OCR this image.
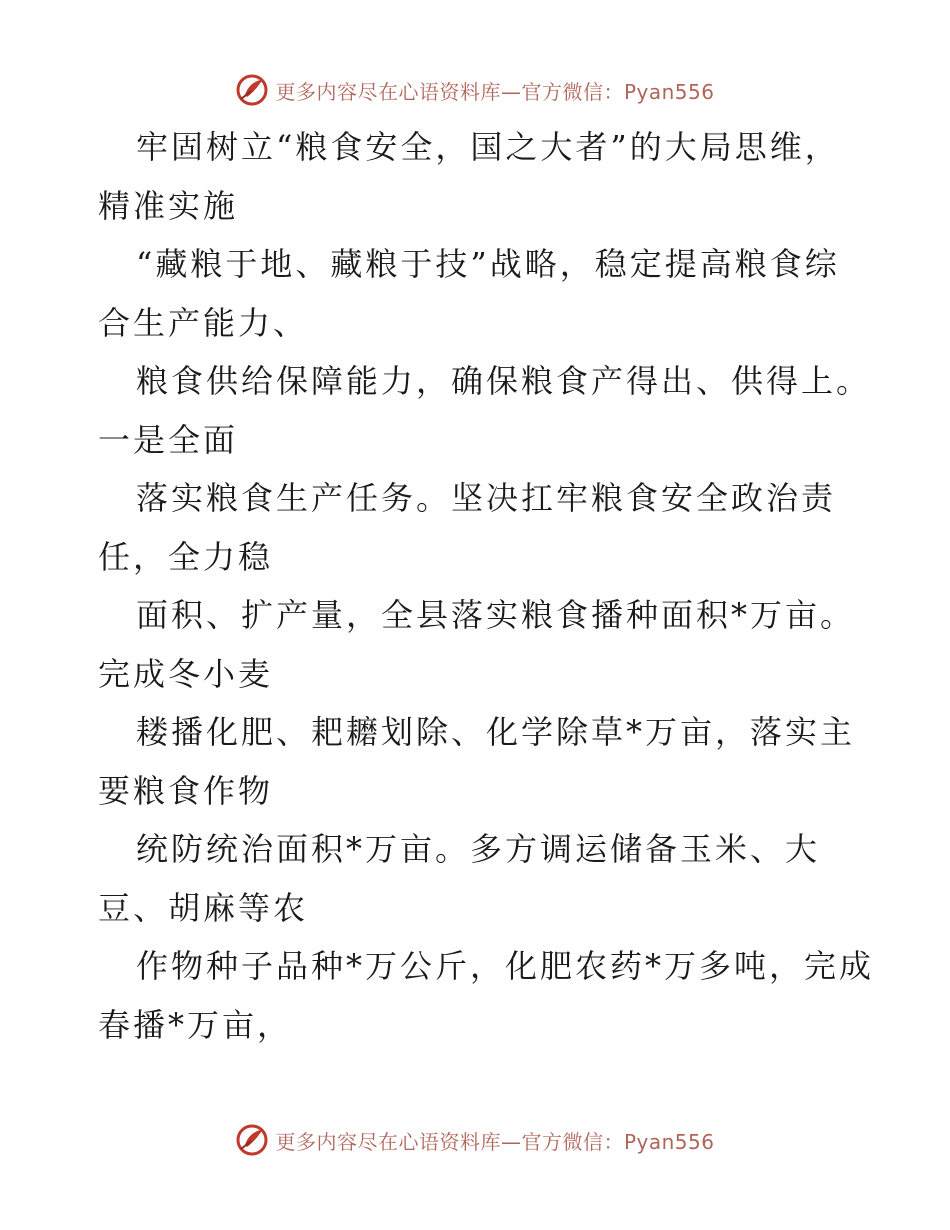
更多内容尽在心语资料库—官方微信：Pyan556

牢固树立“粮食安全，国之大者”的大局思维，

精准实施

“藏粮于地、藏粮于技”战略，稳定提高粮食综

合生产能力、

粮食供给保障能力，确保粮食产得出、供得上。

一是全面

落实粮食生产任务。坚决扛牢粮食安全政治责

任，全力稳

面积、扩产量，全县落实粮食播种面积*万亩。

完成冬小麦

耧播化肥、耙耱划除、化学除草*万亩，落实主

要粮食作物

统防统治面积*万亩。多方调运储备玉米、大

豆、胡麻等农

作物种子品种*万公斤，化肥农药*万多吨，完成

春播*万亩，

更多内容尽在心语资料库—官方微信：Pyan556
